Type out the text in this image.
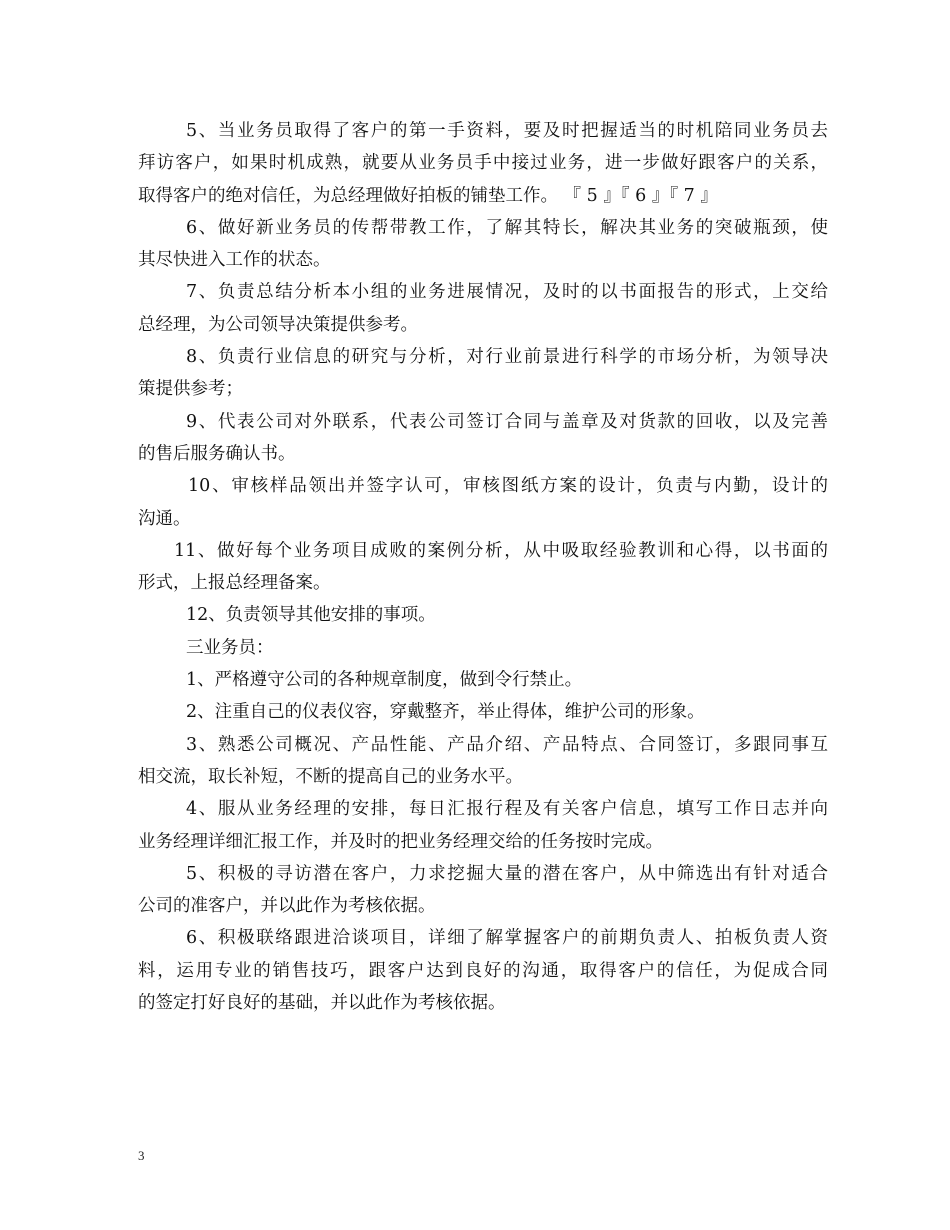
5、当业务员取得了客户的第一手资料，要及时把握适当的时机陪同业务员去
拜访客户，如果时机成熟，就要从业务员手中接过业务，进一步做好跟客户的关系，
取得客户的绝对信任，为总经理做好拍板的铺垫工作。 『 5 』『 6 』『 7 』
6、做好新业务员的传帮带教工作，了解其特长，解决其业务的突破瓶颈，使
其尽快进入工作的状态。
7、负责总结分析本小组的业务进展情况，及时的以书面报告的形式，上交给
总经理，为公司领导决策提供参考。
8、负责行业信息的研究与分析，对行业前景进行科学的市场分析，为领导决
策提供参考；
9、代表公司对外联系，代表公司签订合同与盖章及对货款的回收，以及完善
的售后服务确认书。
10、审核样品领出并签字认可，审核图纸方案的设计，负责与内勤，设计的
沟通。
11、做好每个业务项目成败的案例分析，从中吸取经验教训和心得，以书面的
形式，上报总经理备案。
12、负责领导其他安排的事项。
三业务员：
1、严格遵守公司的各种规章制度，做到令行禁止。
2、注重自己的仪表仪容，穿戴整齐，举止得体，维护公司的形象。
3、熟悉公司概况、产品性能、产品介绍、产品特点、合同签订，多跟同事互
相交流，取长补短，不断的提高自己的业务水平。
4、服从业务经理的安排，每日汇报行程及有关客户信息，填写工作日志并向
业务经理详细汇报工作，并及时的把业务经理交给的任务按时完成。
5、积极的寻访潜在客户，力求挖掘大量的潜在客户，从中筛选出有针对适合
公司的准客户，并以此作为考核依据。
6、积极联络跟进洽谈项目，详细了解掌握客户的前期负责人、拍板负责人资
料，运用专业的销售技巧，跟客户达到良好的沟通，取得客户的信任，为促成合同
的签定打好良好的基础，并以此作为考核依据。
3
